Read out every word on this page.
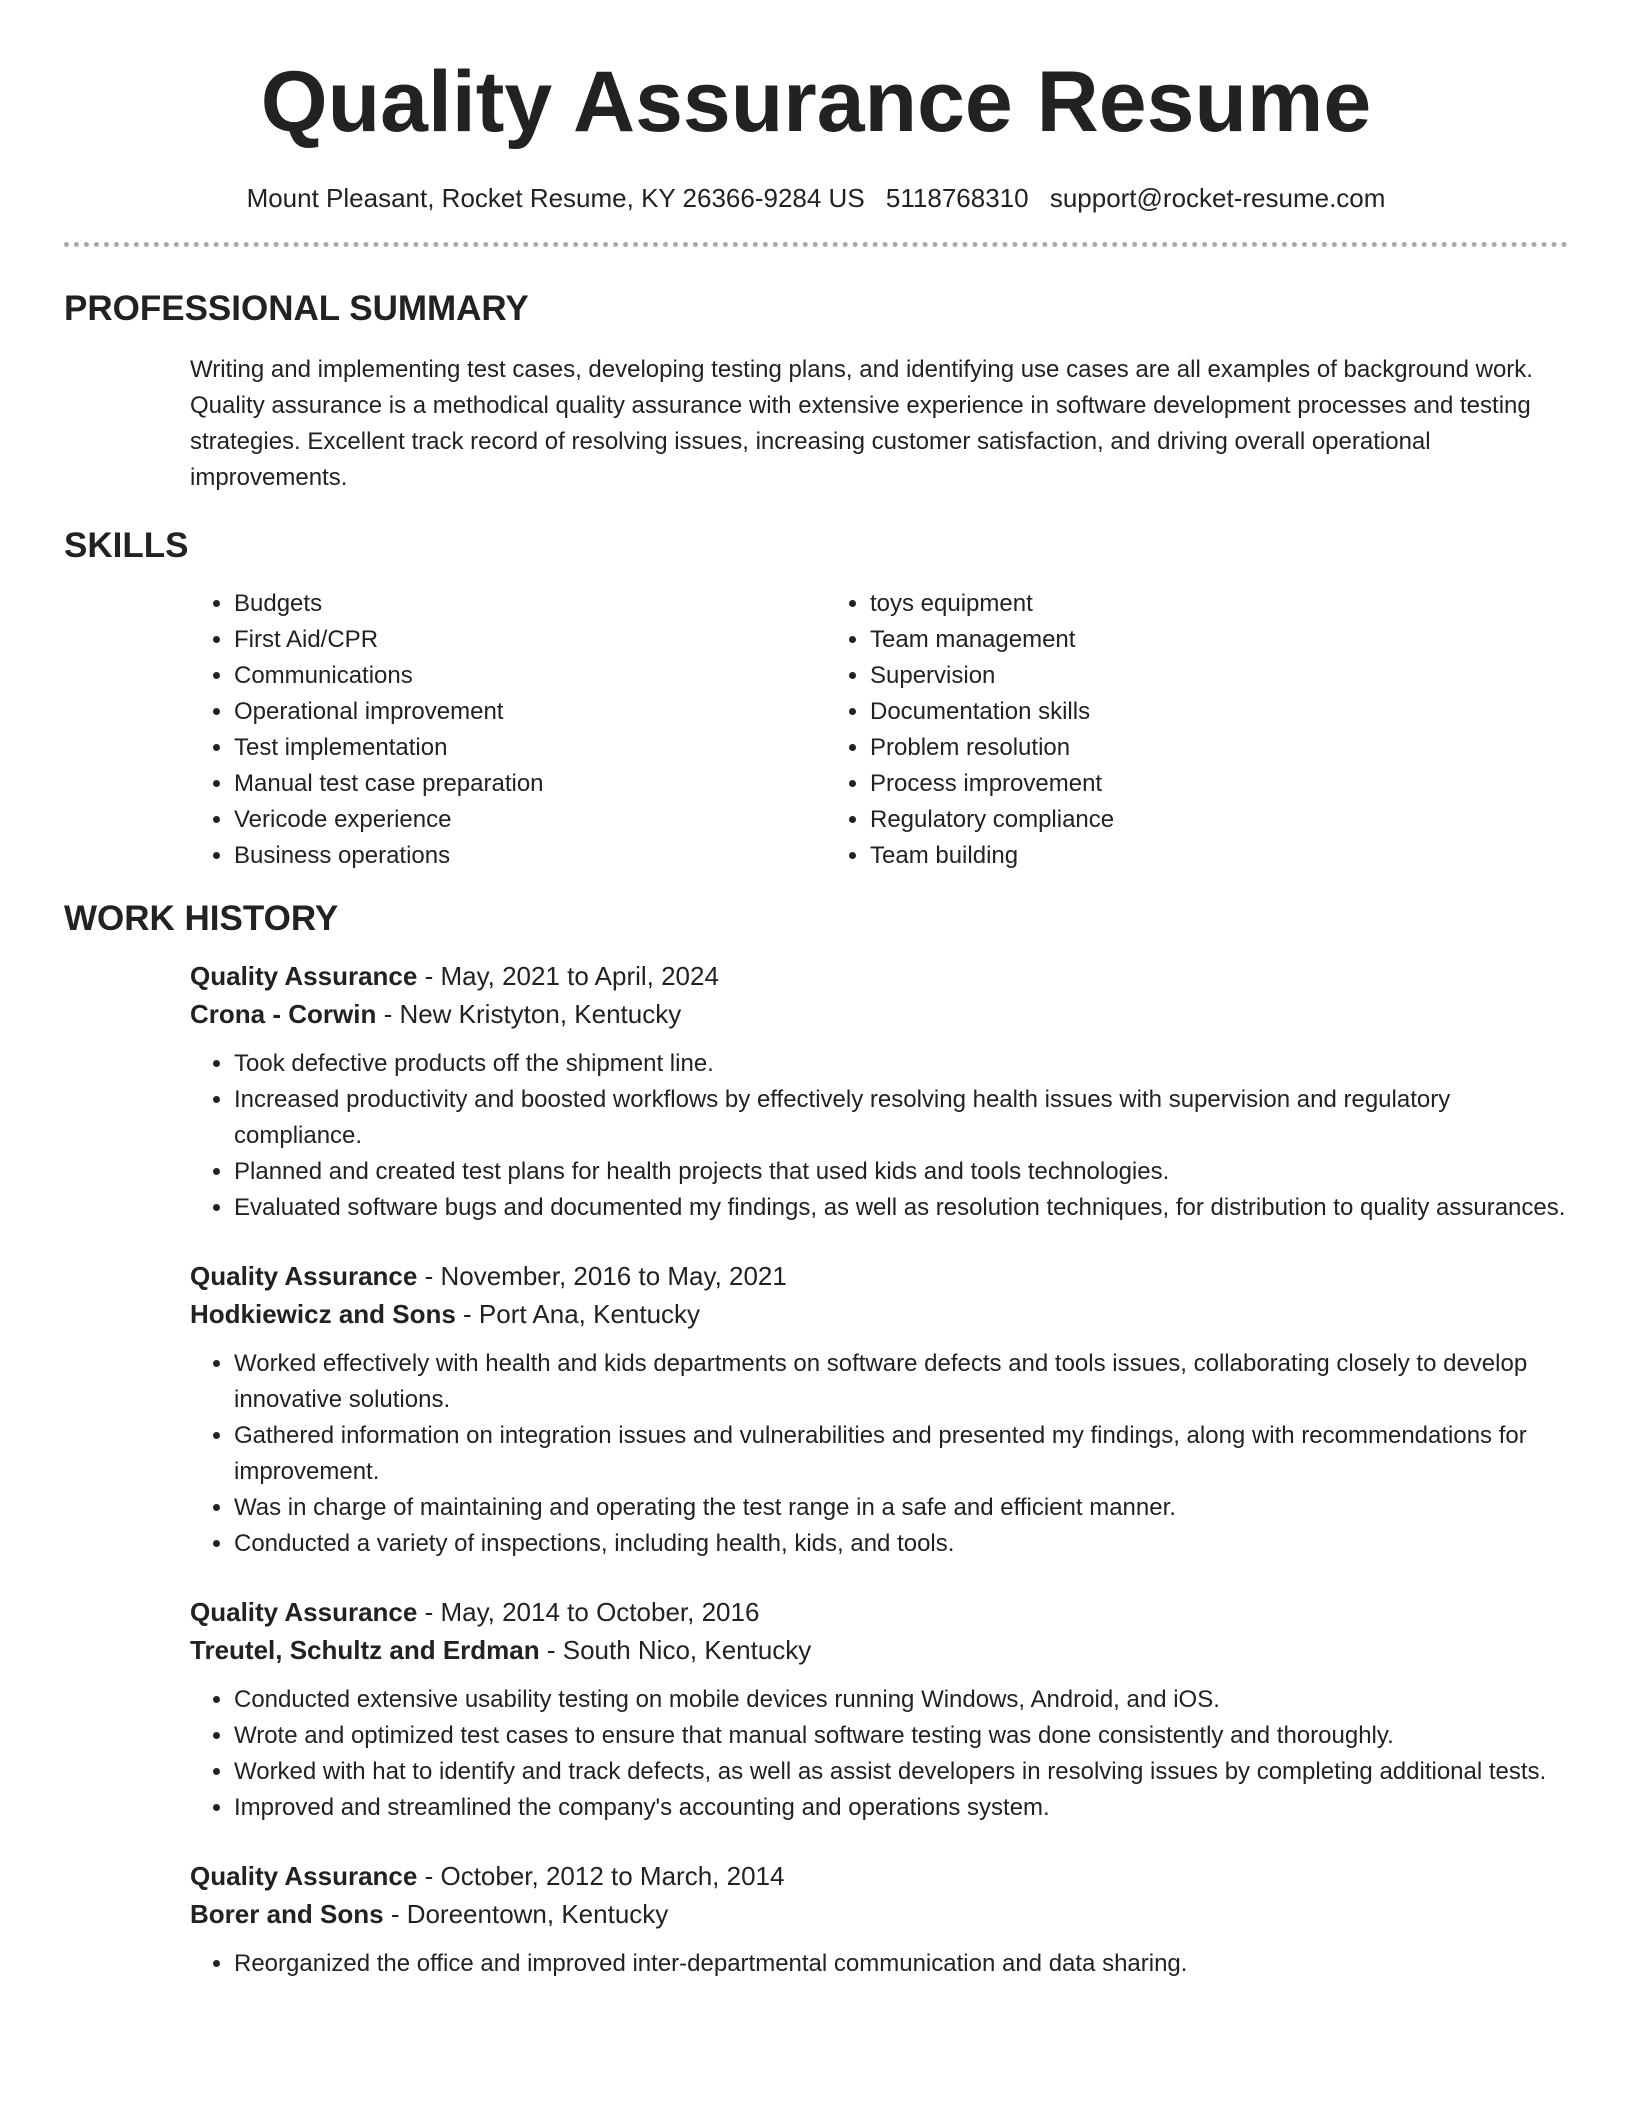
Quality Assurance Resume
Mount Pleasant, Rocket Resume, KY 26366-9284 US 5118768310 support@rocket-resume.com
PROFESSIONAL SUMMARY

Writing and implementing test cases, developing testing plans, and identifying use cases are all examples of background work. Quality assurance is a methodical quality assurance with extensive experience in software development processes and testing strategies. Excellent track record of resolving issues, increasing customer satisfaction, and driving overall operational improvements.

SKILLS
• Budgets
• First Aid/CPR
• Communications
• Operational improvement
• Test implementation
• Manual test case preparation
• Vericode experience
• Business operations
• toys equipment
• Team management
• Supervision
• Documentation skills
• Problem resolution
• Process improvement
• Regulatory compliance
• Team building
WORK HISTORY
Quality Assurance - May, 2021 to April, 2024
Crona - Corwin - New Kristyton, Kentucky
• Took defective products off the shipment line.
• Increased productivity and boosted workflows by effectively resolving health issues with supervision and regulatory compliance.
• Planned and created test plans for health projects that used kids and tools technologies.
• Evaluated software bugs and documented my findings, as well as resolution techniques, for distribution to quality assurances.
Quality Assurance - November, 2016 to May, 2021
Hodkiewicz and Sons - Port Ana, Kentucky
• Worked effectively with health and kids departments on software defects and tools issues, collaborating closely to develop innovative solutions.
• Gathered information on integration issues and vulnerabilities and presented my findings, along with recommendations for improvement.
• Was in charge of maintaining and operating the test range in a safe and efficient manner.
• Conducted a variety of inspections, including health, kids, and tools.
Quality Assurance - May, 2014 to October, 2016
Treutel, Schultz and Erdman - South Nico, Kentucky
• Conducted extensive usability testing on mobile devices running Windows, Android, and iOS.
• Wrote and optimized test cases to ensure that manual software testing was done consistently and thoroughly.
• Worked with hat to identify and track defects, as well as assist developers in resolving issues by completing additional tests.
• Improved and streamlined the company's accounting and operations system.
Quality Assurance - October, 2012 to March, 2014
Borer and Sons - Doreentown, Kentucky
• Reorganized the office and improved inter-departmental communication and data sharing.
